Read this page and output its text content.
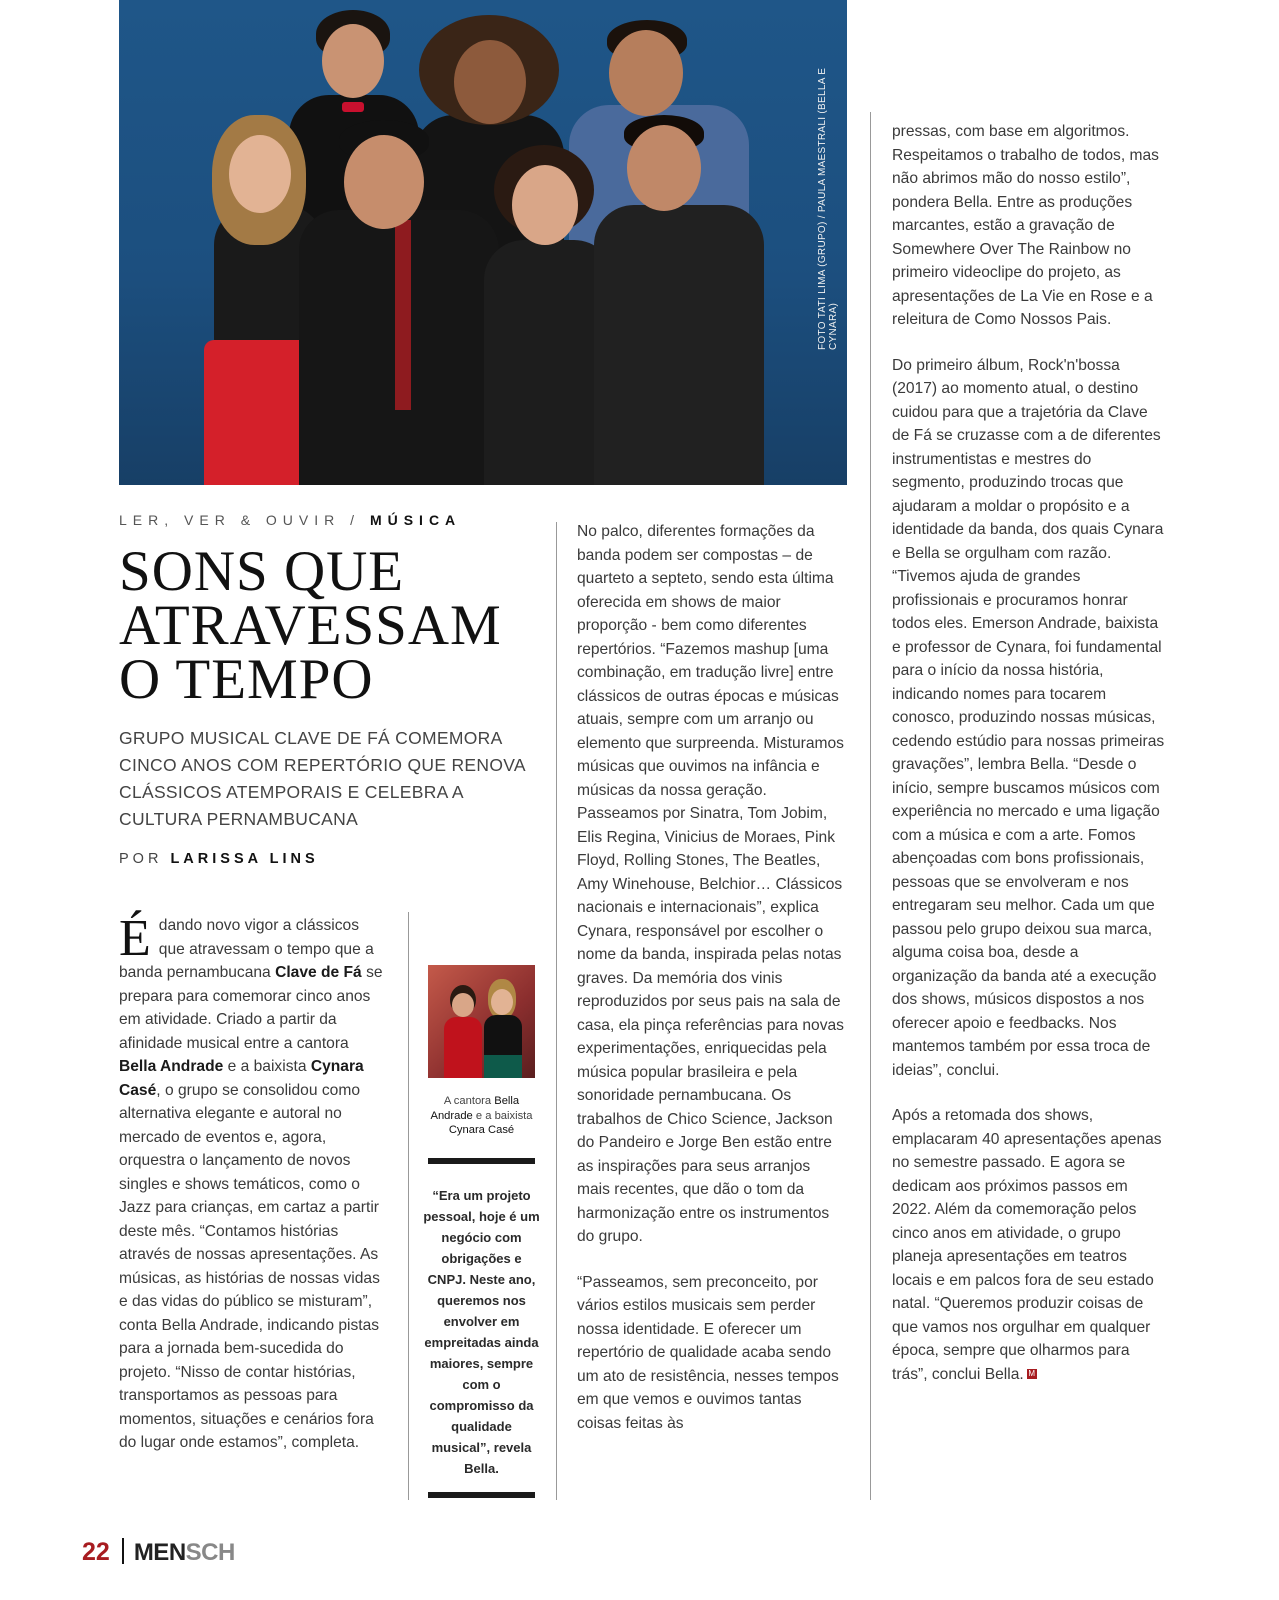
FOTO TATI LIMA (GRUPO) / PAULA MAESTRALI (BELLA E CYNARA)
LER, VER & OUVIR / MÚSICA
SONS QUE ATRAVESSAM O TEMPO
GRUPO MUSICAL CLAVE DE FÁ COMEMORA CINCO ANOS COM REPERTÓRIO QUE RENOVA CLÁSSICOS ATEMPORAIS E CELEBRA A CULTURA PERNAMBUCANA
POR LARISSA LINS

Édando novo vigor a clássicos que atravessam o tempo que a banda pernambucana Clave de Fá se prepara para comemorar cinco anos em atividade. Criado a partir da afinidade musical entre a cantora Bella Andrade e a baixista Cynara Casé, o grupo se consolidou como alternativa elegante e autoral no mercado de eventos e, agora, orquestra o lançamento de novos singles e shows temáticos, como o Jazz para crianças, em cartaz a partir deste mês. “Contamos histórias através de nossas apresentações. As músicas, as histórias de nossas vidas e das vidas do público se misturam”, conta Bella Andrade, indicando pistas para a jornada bem-sucedida do projeto. “Nisso de contar histórias, transportamos as pessoas para momentos, situações e cenários fora do lugar onde estamos”, completa.

A cantora Bella Andrade e a baixista Cynara Casé
“Era um projeto pessoal, hoje é um negócio com obrigações e CNPJ. Neste ano, queremos nos envolver em empreitadas ainda maiores, sempre com o compromisso da qualidade musical”, revela Bella.

No palco, diferentes formações da banda podem ser compostas – de quarteto a septeto, sendo esta última oferecida em shows de maior proporção - bem como diferentes repertórios. “Fazemos mashup [uma combinação, em tradução livre] entre clássicos de outras épocas e músicas atuais, sempre com um arranjo ou elemento que surpreenda. Misturamos músicas que ouvimos na infância e músicas da nossa geração. Passeamos por Sinatra, Tom Jobim, Elis Regina, Vinicius de Moraes, Pink Floyd, Rolling Stones, The Beatles, Amy Winehouse, Belchior… Clássicos nacionais e internacionais”, explica Cynara, responsável por escolher o nome da banda, inspirada pelas notas graves. Da memória dos vinis reproduzidos por seus pais na sala de casa, ela pinça referências para novas experimentações, enriquecidas pela música popular brasileira e pela sonoridade pernambucana. Os trabalhos de Chico Science, Jackson do Pandeiro e Jorge Ben estão entre as inspirações para seus arranjos mais recentes, que dão o tom da harmonização entre os instrumentos do grupo.

“Passeamos, sem preconceito, por vários estilos musicais sem perder nossa identidade. E oferecer um repertório de qualidade acaba sendo um ato de resistência, nesses tempos em que vemos e ouvimos tantas coisas feitas às

pressas, com base em algoritmos. Respeitamos o trabalho de todos, mas não abrimos mão do nosso estilo”, pondera Bella. Entre as produções marcantes, estão a gravação de Somewhere Over The Rainbow no primeiro videoclipe do projeto, as apresentações de La Vie en Rose e a releitura de Como Nossos Pais.

Do primeiro álbum, Rock'n'bossa (2017) ao momento atual, o destino cuidou para que a trajetória da Clave de Fá se cruzasse com a de diferentes instrumentistas e mestres do segmento, produzindo trocas que ajudaram a moldar o propósito e a identidade da banda, dos quais Cynara e Bella se orgulham com razão. “Tivemos ajuda de grandes profissionais e procuramos honrar todos eles. Emerson Andrade, baixista e professor de Cynara, foi fundamental para o início da nossa história, indicando nomes para tocarem conosco, produzindo nossas músicas, cedendo estúdio para nossas primeiras gravações”, lembra Bella. “Desde o início, sempre buscamos músicos com experiência no mercado e uma ligação com a música e com a arte. Fomos abençoadas com bons profissionais, pessoas que se envolveram e nos entregaram seu melhor. Cada um que passou pelo grupo deixou sua marca, alguma coisa boa, desde a organização da banda até a execução dos shows, músicos dispostos a nos oferecer apoio e feedbacks. Nos mantemos também por essa troca de ideias”, conclui.

Após a retomada dos shows, emplacaram 40 apresentações apenas no semestre passado. E agora se dedicam aos próximos passos em 2022. Além da comemoração pelos cinco anos em atividade, o grupo planeja apresentações em teatros locais e em palcos fora de seu estado natal. “Queremos produzir coisas de que vamos nos orgulhar em qualquer época, sempre que olharmos para trás”, conclui Bella. M

22 MENSCH
